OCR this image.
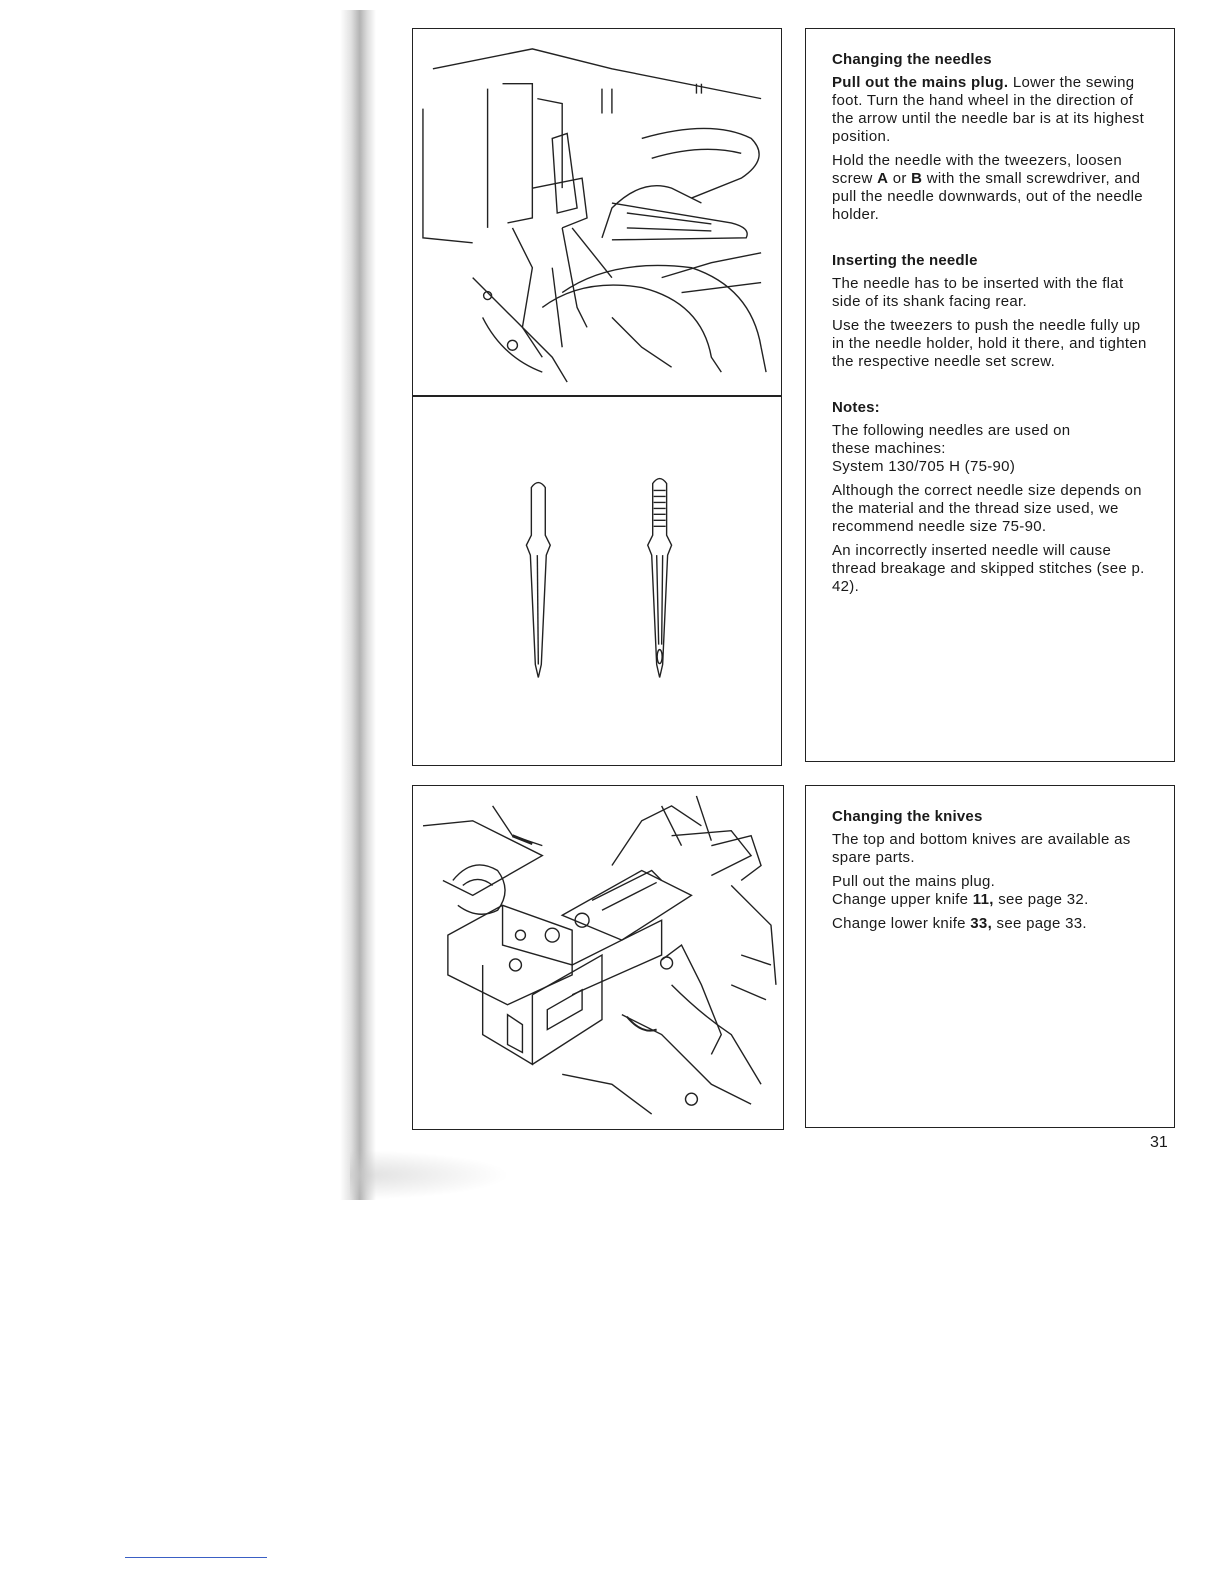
Changing the needles

Pull out the mains plug. Lower the sewing foot. Turn the hand wheel in the direction of the arrow until the needle bar is at its highest position.

Hold the needle with the tweezers, loosen screw A or B with the small screwdriver, and pull the needle downwards, out of the needle holder.

Inserting the needle

The needle has to be inserted with the flat side of its shank facing rear.

Use the tweezers to push the needle fully up in the needle holder, hold it there, and tighten the respective needle set screw.

Notes:

The following needles are used on
these machines:
System 130/705 H (75-90)

Although the correct needle size depends on the material and the thread size used, we recommend needle size 75-90.

An incorrectly inserted needle will cause thread breakage and skipped stitches (see p. 42).

Changing the knives

The top and bottom knives are available as spare parts.

Pull out the mains plug.
Change upper knife 11, see page 32.

Change lower knife 33, see page 33.

31
